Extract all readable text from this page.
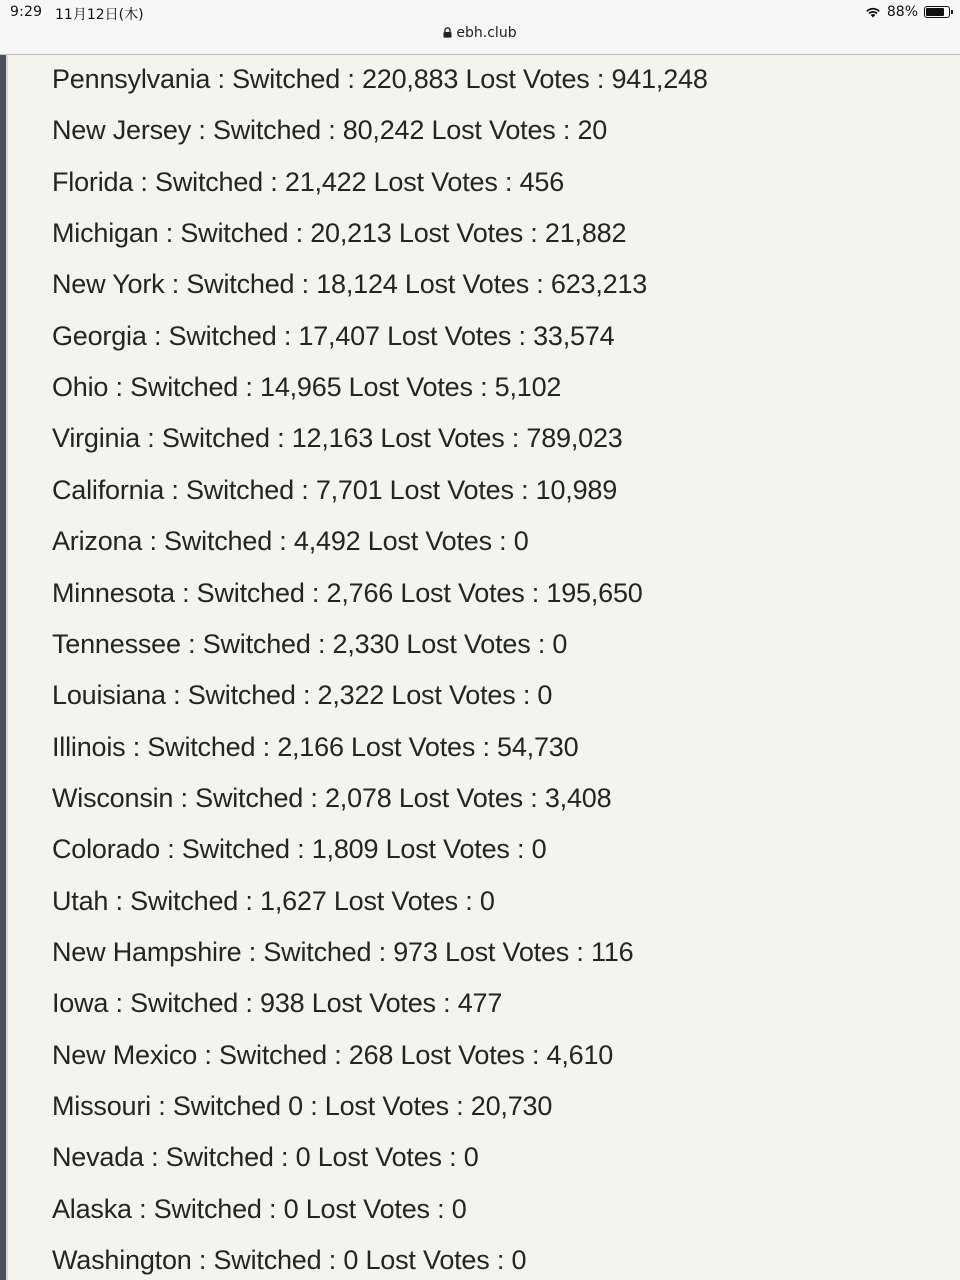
9:29 11月12日(木)	88%
ebh.club
Pennsylvania : Switched : 220,883 Lost Votes : 941,248
New Jersey : Switched : 80,242 Lost Votes : 20
Florida : Switched : 21,422 Lost Votes : 456
Michigan : Switched : 20,213 Lost Votes : 21,882
New York : Switched : 18,124 Lost Votes : 623,213
Georgia : Switched : 17,407 Lost Votes : 33,574
Ohio : Switched : 14,965 Lost Votes : 5,102
Virginia : Switched : 12,163 Lost Votes : 789,023
California : Switched : 7,701 Lost Votes : 10,989
Arizona : Switched : 4,492 Lost Votes : 0
Minnesota : Switched : 2,766 Lost Votes : 195,650
Tennessee : Switched : 2,330 Lost Votes : 0
Louisiana : Switched : 2,322 Lost Votes : 0
Illinois : Switched : 2,166 Lost Votes : 54,730
Wisconsin : Switched : 2,078 Lost Votes : 3,408
Colorado : Switched : 1,809 Lost Votes : 0
Utah : Switched : 1,627 Lost Votes : 0
New Hampshire : Switched : 973 Lost Votes : 116
Iowa : Switched : 938 Lost Votes : 477
New Mexico : Switched : 268 Lost Votes : 4,610
Missouri : Switched 0 : Lost Votes : 20,730
Nevada : Switched : 0 Lost Votes : 0
Alaska : Switched : 0 Lost Votes : 0
Washington : Switched : 0 Lost Votes : 0
